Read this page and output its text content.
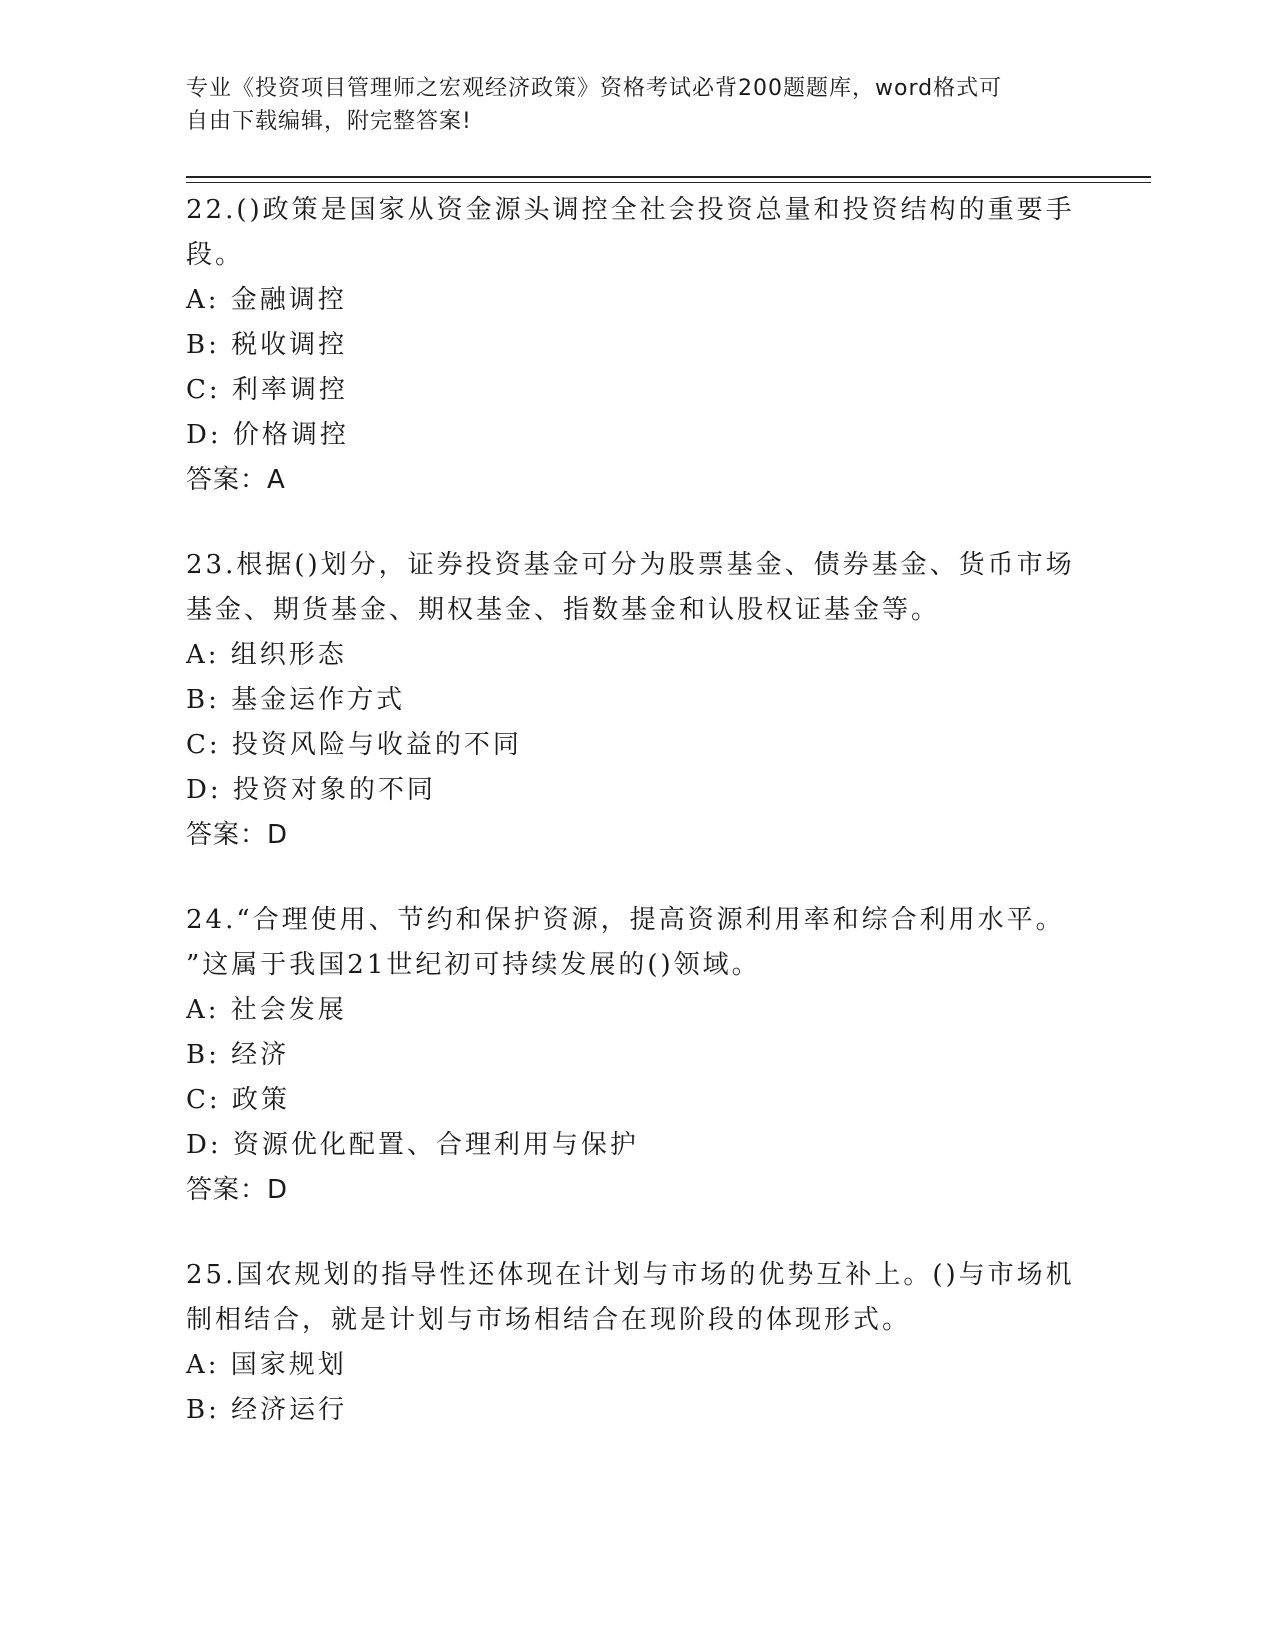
专业《投资项目管理师之宏观经济政策》资格考试必背200题题库，word格式可
自由下载编辑，附完整答案!

22.()政策是国家从资金源头调控全社会投资总量和投资结构的重要手

段。

A: 金融调控

B: 税收调控

C: 利率调控

D: 价格调控

答案：A

23.根据()划分，证券投资基金可分为股票基金、债券基金、货币市场

基金、期货基金、期权基金、指数基金和认股权证基金等。

A: 组织形态

B: 基金运作方式

C: 投资风险与收益的不同

D: 投资对象的不同

答案：D

24.“合理使用、节约和保护资源，提高资源利用率和综合利用水平。

”这属于我国21世纪初可持续发展的()领域。

A: 社会发展

B: 经济

C: 政策

D: 资源优化配置、合理利用与保护

答案：D

25.国农规划的指导性还体现在计划与市场的优势互补上。()与市场机

制相结合，就是计划与市场相结合在现阶段的体现形式。

A: 国家规划

B: 经济运行
